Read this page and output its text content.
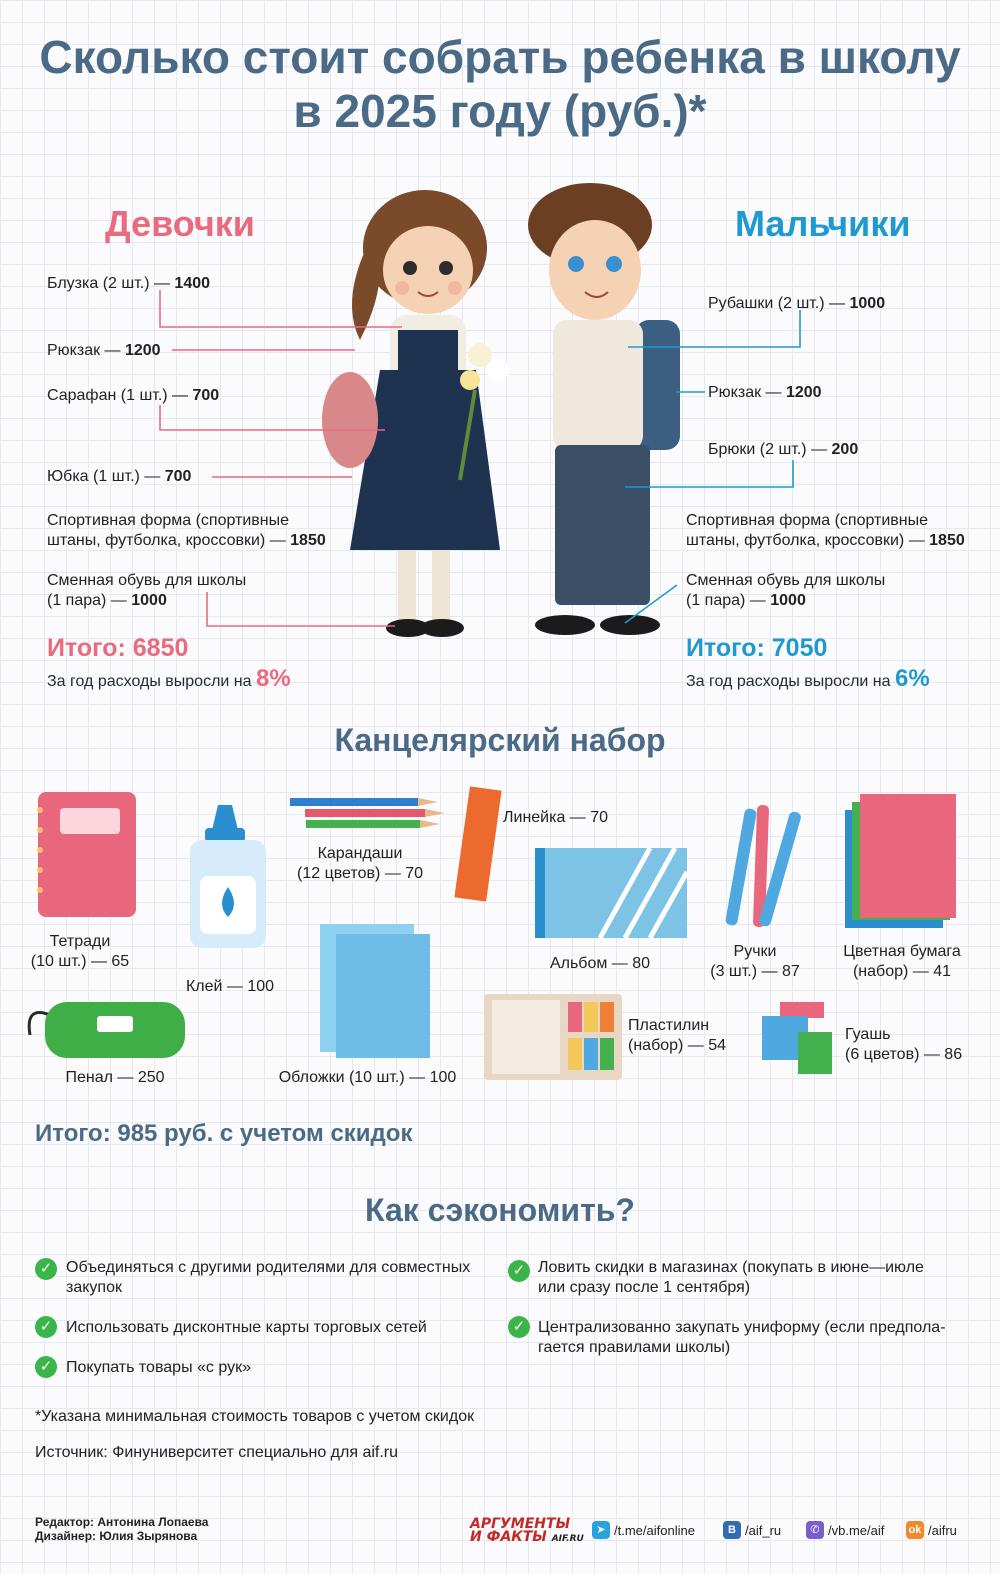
Сколько стоит собрать ребенка в школу
в 2025 году (руб.)*
Девочки	Мальчики
Блузка (2 шт.) — 1400
Рюкзак — 1200
Сарафан (1 шт.) — 700
Юбка (1 шт.) — 700
Спортивная форма (спортивные
штаны, футболка, кроссовки) — 1850
Сменная обувь для школы
(1 пара) — 1000
Итого: 6850
За год расходы выросли на 8%
Рубашки (2 шт.) — 1000
Рюкзак — 1200
Брюки (2 шт.) — 200
Спортивная форма (спортивные
штаны, футболка, кроссовки) — 1850
Сменная обувь для школы
(1 пара) — 1000
Итого: 7050
За год расходы выросли на 6%
Канцелярский набор
Тетради
(10 шт.) — 65
Клей — 100
Карандаши
(12 цветов) — 70
Линейка — 70
Альбом — 80
Ручки
(3 шт.) — 87
Цветная бумага
(набор) — 41
Пенал — 250	Обложки (10 шт.) — 100
Пластилин
(набор) — 54
Гуашь
(6 цветов) — 86
Итого: 985 руб. с учетом скидок
Как сэкономить?
✓ Объединяться с другими родителями для совместных
закупок
✓ Использовать дисконтные карты торговых сетей
✓ Покупать товары «с рук»
✓ Ловить скидки в магазинах (покупать в июне—июле
или сразу после 1 сентября)
✓ Централизованно закупать униформу (если предпола-
гается правилами школы)
*Указана минимальная стоимость товаров с учетом скидок
Источник: Финуниверситет специально для aif.ru
Редактор: Антонина Лопаева
Дизайнер: Юлия Зырянова
АРГУМЕНТЫ
И ФАКТЫ AIF.RU
➤ /t.me/aifonline	B /aif_ru	✆ /vb.me/aif ok /aifru
